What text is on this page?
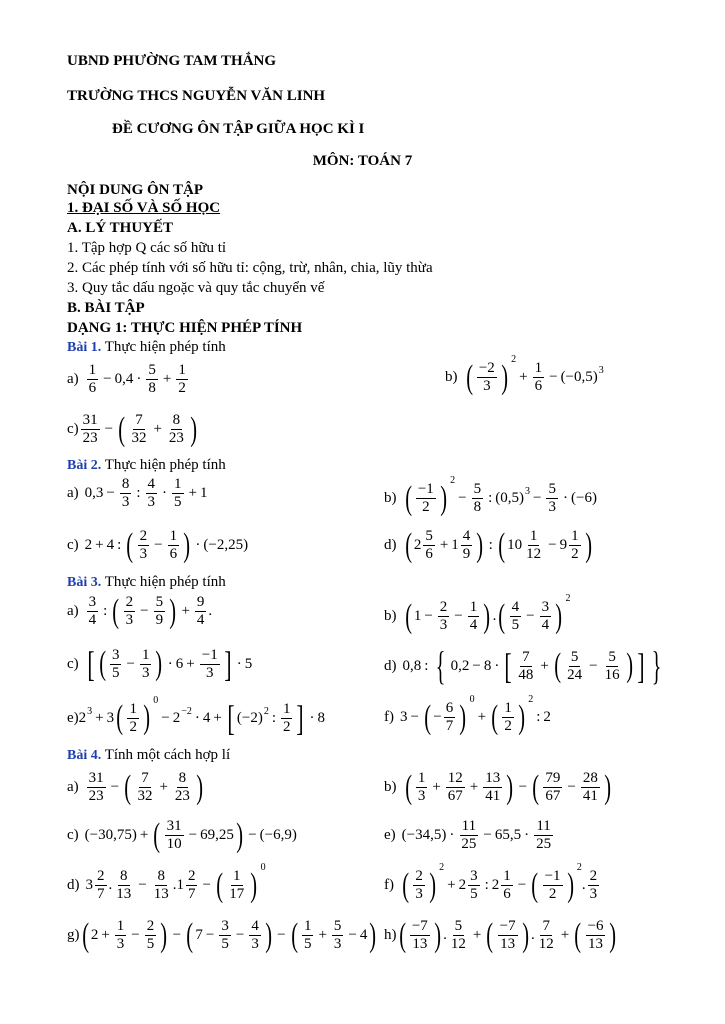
UBND PHƯỜNG TAM THẮNG
TRƯỜNG THCS NGUYỄN VĂN LINH
ĐỀ CƯƠNG ÔN TẬP GIỮA HỌC KÌ I
MÔN: TOÁN 7
NỘI DUNG ÔN TẬP
1. ĐẠI SỐ VÀ SỐ HỌC
A. LÝ THUYẾT
1. Tập hợp Q các số hữu tỉ
2. Các phép tính với số hữu tỉ: cộng, trừ, nhân, chia, lũy thừa
3. Quy tắc dấu ngoặc và quy tắc chuyển vế
B. BÀI TẬP
DẠNG 1: THỰC HIỆN PHÉP TÍNH
Bài 1. Thực hiện phép tính
a)
1
6
− 0,4 ·
5
8
+ $\frac{1}{2}$	b) ( −2
3 ) 2
+ $\frac{1}{6} - (-0,5)$ 3
c)
31
23
− ( 7
32
+ $\frac{8}{23}$ )
Bài 2. Thực hiện phép tính
a) $0,3 - \frac{8}{3}$ :
4
3
·
1
5
+ 1	b) ( −1
2 ) 2
− $\frac{5}{8}$ : (0,5) $3 - \frac{5}{3} \cdot (-6)$
c) 2 + 4 : ( 2
3
− $\frac{1}{6}$ ) · (−2,25)	d) ( 2
5
6
+ 1
4
9 ) : ( 10
1
12
− 9
1
2 )
Bài 3. Thực hiện phép tính
a)
3
4
: ( 2
3
− $\frac{5}{9}$ ) + $\frac{9}{4}$ .	b) ( $1 - \frac{2}{3} - \frac{1}{4}$ ) . ( 4
5
− $\frac{3}{4}$ ) 2
c) [ ( 3
5
− $\frac{1}{3}$ ) · $6 + \frac{-1}{3}$ ] · 5	d) 0,8 : { 0,2 − 8 · [ 7
48
+ ( 5
24
− $\frac{5}{16}$ ) ] }
e) 2 3 + 3 ( 1
2 ) 0
− 2 −2 · 4 + [ (−2) 2 :
1
2 ] · 8	f) 3 − ( − $\frac{6}{7}$ ) 0
+ ( 1
2 ) 2
: 2
Bài 4. Tính một cách hợp lí
a)
31
23
− ( 7
32
+ $\frac{8}{23}$ )	b) ( 1
3
+ $\frac{12}{67} + \frac{13}{41}$ ) − ( 79
67
− $\frac{28}{41}$ )
c) (−30,75) + ( 31
10
− 69,25 ) − (−6,9)	e) (−34,5) ·
11
25
− 65,5 ·
11
25
d) 3
2
7
.
8
13
− $\frac{8}{13}$ . 1
2
7
− ( 1
17 ) 0
f) ( 2
3 ) 2
+ 2
3
5
: 2
1
6
− ( −1
2 ) 2
.
2
3
g) ( $2 + \frac{1}{3} - \frac{2}{5}$ ) − ( $7 - \frac{3}{5} - \frac{4}{3}$ ) − ( 1
5
+ $\frac{5}{3} - 4$ ) h) ( −7
13 ) .
5
12
+ ( −7
13 ) .
7
12
+ ( −6
13 )
